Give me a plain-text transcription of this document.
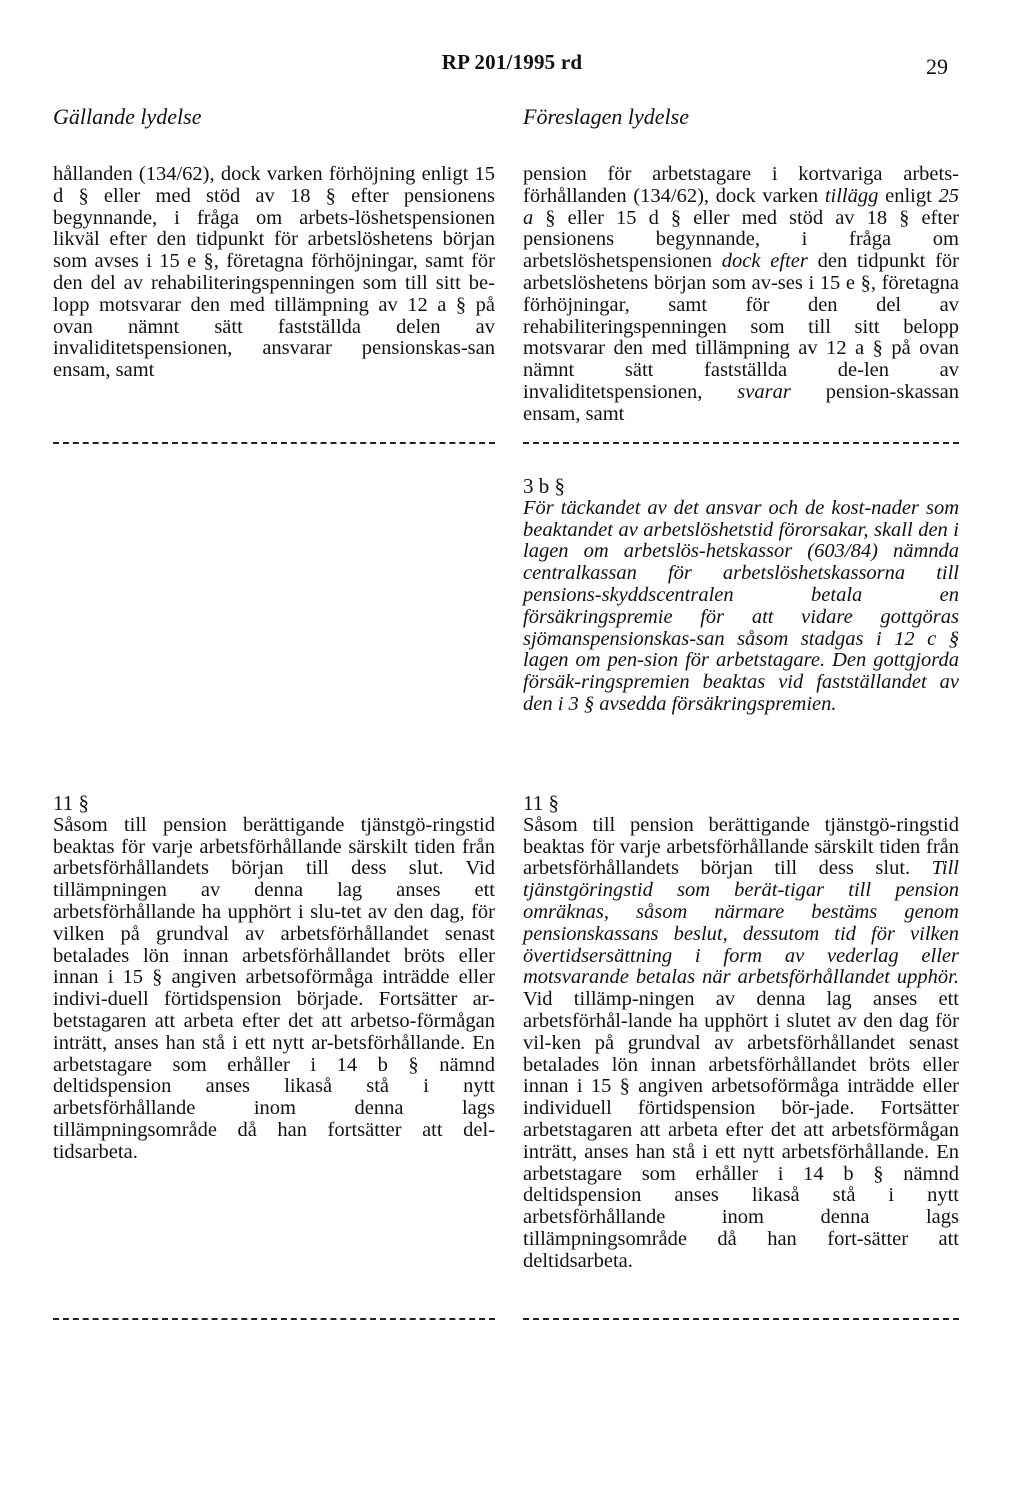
RP 201/1995 rd	29
Gällande lydelse	Föreslagen lydelse

hållanden (134/62), dock varken förhöjning enligt 15 d § eller med stöd av 18 § efter pensionens begynnande, i fråga om arbets-löshetspensionen likväl efter den tidpunkt för arbetslöshetens början som avses i 15 e §, företagna förhöjningar, samt för den del av rehabiliteringspenningen som till sitt be-lopp motsvarar den med tillämpning av 12 a § på ovan nämnt sätt fastställda delen av invaliditetspensionen, ansvarar pensionskas-san ensam, samt

11 §

Såsom till pension berättigande tjänstgö-ringstid beaktas för varje arbetsförhållande särskilt tiden från arbetsförhållandets början till dess slut. Vid tillämpningen av denna lag anses ett arbetsförhållande ha upphört i slu-tet av den dag, för vilken på grundval av arbetsförhållandet senast betalades lön innan arbetsförhållandet bröts eller innan i 15 § angiven arbetsoförmåga inträdde eller indivi-duell förtidspension började. Fortsätter ar-betstagaren att arbeta efter det att arbetso-förmågan inträtt, anses han stå i ett nytt ar-betsförhållande. En arbetstagare som erhåller i 14 b § nämnd deltidspension anses likaså stå i nytt arbetsförhållande inom denna lags tillämpningsområde då han fortsätter att del-tidsarbeta.

pension för arbetstagare i kortvariga arbets-förhållanden (134/62), dock varken tillägg enligt 25 a § eller 15 d § eller med stöd av 18 § efter pensionens begynnande, i fråga om arbetslöshetspensionen dock efter den tidpunkt för arbetslöshetens början som av-ses i 15 e §, företagna förhöjningar, samt för den del av rehabiliteringspenningen som till sitt belopp motsvarar den med tillämpning av 12 a § på ovan nämnt sätt fastställda de-len av invaliditetspensionen, svarar pension-skassan ensam, samt

3 b §

För täckandet av det ansvar och de kost-nader som beaktandet av arbetslöshetstid förorsakar, skall den i lagen om arbetslös-hetskassor (603/84) nämnda centralkassan för arbetslöshetskassorna till pensions-skyddscentralen betala en försäkringspremie för att vidare gottgöras sjömanspensionskas-san såsom stadgas i 12 c § lagen om pen-sion för arbetstagare. Den gottgjorda försäk-ringspremien beaktas vid fastställandet av den i 3 § avsedda försäkringspremien.

11 §

Såsom till pension berättigande tjänstgö-ringstid beaktas för varje arbetsförhållande särskilt tiden från arbetsförhållandets början till dess slut. Till tjänstgöringstid som berät-tigar till pension omräknas, såsom närmare bestäms genom pensionskassans beslut, dessutom tid för vilken övertidsersättning i form av vederlag eller motsvarande betalas när arbetsförhållandet upphör. Vid tillämp-ningen av denna lag anses ett arbetsförhål-lande ha upphört i slutet av den dag för vil-ken på grundval av arbetsförhållandet senast betalades lön innan arbetsförhållandet bröts eller innan i 15 § angiven arbetsoförmåga inträdde eller individuell förtidspension bör-jade. Fortsätter arbetstagaren att arbeta efter det att arbetsförmågan inträtt, anses han stå i ett nytt arbetsförhållande. En arbetstagare som erhåller i 14 b § nämnd deltidspension anses likaså stå i nytt arbetsförhållande inom denna lags tillämpningsområde då han fort-sätter att deltidsarbeta.
